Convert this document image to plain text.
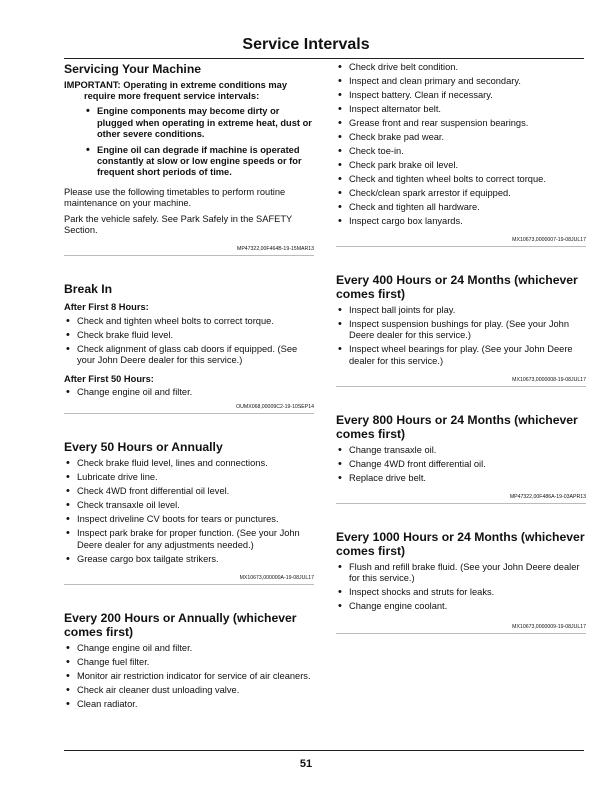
Service Intervals
Servicing Your Machine
IMPORTANT: Operating in extreme conditions may
require more frequent service intervals:
• Engine components may become dirty or plugged when operating in extreme heat, dust or other severe conditions.
• Engine oil can degrade if machine is operated constantly at slow or low engine speeds or for frequent short periods of time.

Please use the following timetables to perform routine maintenance on your machine.

Park the vehicle safely. See Park Safely in the SAFETY Section.

MP47322,00F464B-19-15MAR13
Break In
After First 8 Hours:
• Check and tighten wheel bolts to correct torque.
• Check brake fluid level.
• Check alignment of glass cab doors if equipped. (See your John Deere dealer for this service.)
After First 50 Hours:
• Change engine oil and filter.
OUMX068,00009C2-19-10SEP14
Every 50 Hours or Annually
• Check brake fluid level, lines and connections.
• Lubricate drive line.
• Check 4WD front differential oil level.
• Check transaxle oil level.
• Inspect driveline CV boots for tears or punctures.
• Inspect park brake for proper function. (See your John Deere dealer for any adjustments needed.)
• Grease cargo box tailgate strikers.
MX10673,000000A-19-08JUL17
Every 200 Hours or Annually (whichever comes first)
• Change engine oil and filter.
• Change fuel filter.
• Monitor air restriction indicator for service of air cleaners.
• Check air cleaner dust unloading valve.
• Clean radiator.
• Check drive belt condition.
• Inspect and clean primary and secondary.
• Inspect battery. Clean if necessary.
• Inspect alternator belt.
• Grease front and rear suspension bearings.
• Check brake pad wear.
• Check toe-in.
• Check park brake oil level.
• Check and tighten wheel bolts to correct torque.
• Check/clean spark arrestor if equipped.
• Check and tighten all hardware.
• Inspect cargo box lanyards.
MX10673,0000007-19-08JUL17
Every 400 Hours or 24 Months (whichever comes first)
• Inspect ball joints for play.
• Inspect suspension bushings for play. (See your John Deere dealer for this service.)
• Inspect wheel bearings for play. (See your John Deere dealer for this service.)
MX10673,0000008-19-08JUL17
Every 800 Hours or 24 Months (whichever comes first)
• Change transaxle oil.
• Change 4WD front differential oil.
• Replace drive belt.
MP47322,00F486A-19-03APR13
Every 1000 Hours or 24 Months (whichever comes first)
• Flush and refill brake fluid. (See your John Deere dealer for this service.)
• Inspect shocks and struts for leaks.
• Change engine coolant.
MX10673,0000009-19-08JUL17
51
